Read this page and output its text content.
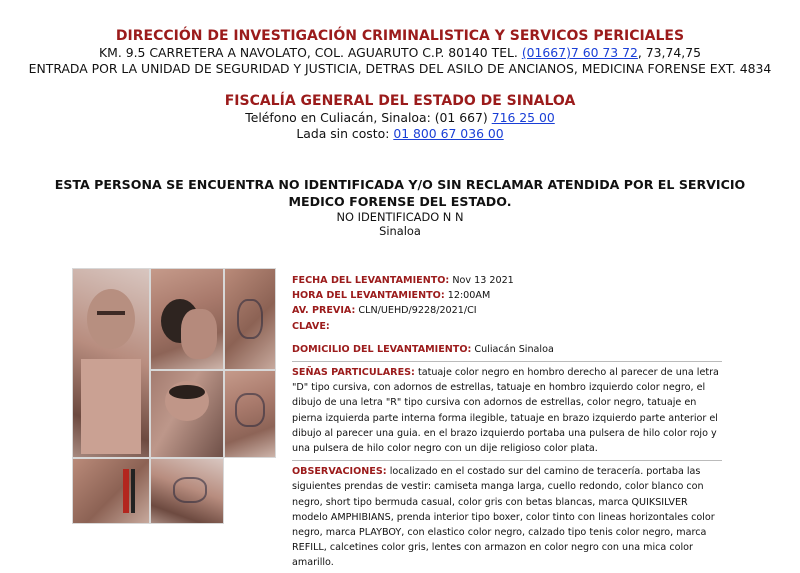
DIRECCIÓN DE INVESTIGACIÓN CRIMINALISTICA Y SERVICOS PERICIALES
KM. 9.5 CARRETERA A NAVOLATO, COL. AGUARUTO C.P. 80140 TEL. (01667)7 60 73 72, 73,74,75
ENTRADA POR LA UNIDAD DE SEGURIDAD Y JUSTICIA, DETRAS DEL ASILO DE ANCIANOS, MEDICINA FORENSE EXT. 4834
FISCALÍA GENERAL DEL ESTADO DE SINALOA
Teléfono en Culiacán, Sinaloa: (01 667) 716 25 00
Lada sin costo: 01 800 67 036 00
ESTA PERSONA SE ENCUENTRA NO IDENTIFICADA Y/O SIN RECLAMAR ATENDIDA POR EL SERVICIO MEDICO FORENSE DEL ESTADO.
NO IDENTIFICADO N N
Sinaloa

FECHA DEL LEVANTAMIENTO: Nov 13 2021

HORA DEL LEVANTAMIENTO: 12:00AM

AV. PREVIA: CLN/UEHD/9228/2021/CI

CLAVE:

DOMICILIO DEL LEVANTAMIENTO: Culiacán Sinaloa

SEÑAS PARTICULARES: tatuaje color negro en hombro derecho al parecer de una letra "D" tipo cursiva, con adornos de estrellas, tatuaje en hombro izquierdo color negro, el dibujo de una letra "R" tipo cursiva con adornos de estrellas, color negro, tatuaje en pierna izquierda parte interna forma ilegible, tatuaje en brazo izquierdo parte anterior el dibujo al parecer una guia. en el brazo izquierdo portaba una pulsera de hilo color rojo y una pulsera de hilo color negro con un dije religioso color plata.

OBSERVACIONES: localizado en el costado sur del camino de teracería. portaba las siguientes prendas de vestir: camiseta manga larga, cuello redondo, color blanco con negro, short tipo bermuda casual, color gris con betas blancas, marca QUIKSILVER modelo AMPHIBIANS, prenda interior tipo boxer, color tinto con lineas horizontales color negro, marca PLAYBOY, con elastico color negro, calzado tipo tenis color negro, marca REFILL, calcetines color gris, lentes con armazon en color negro con una mica color amarillo.
